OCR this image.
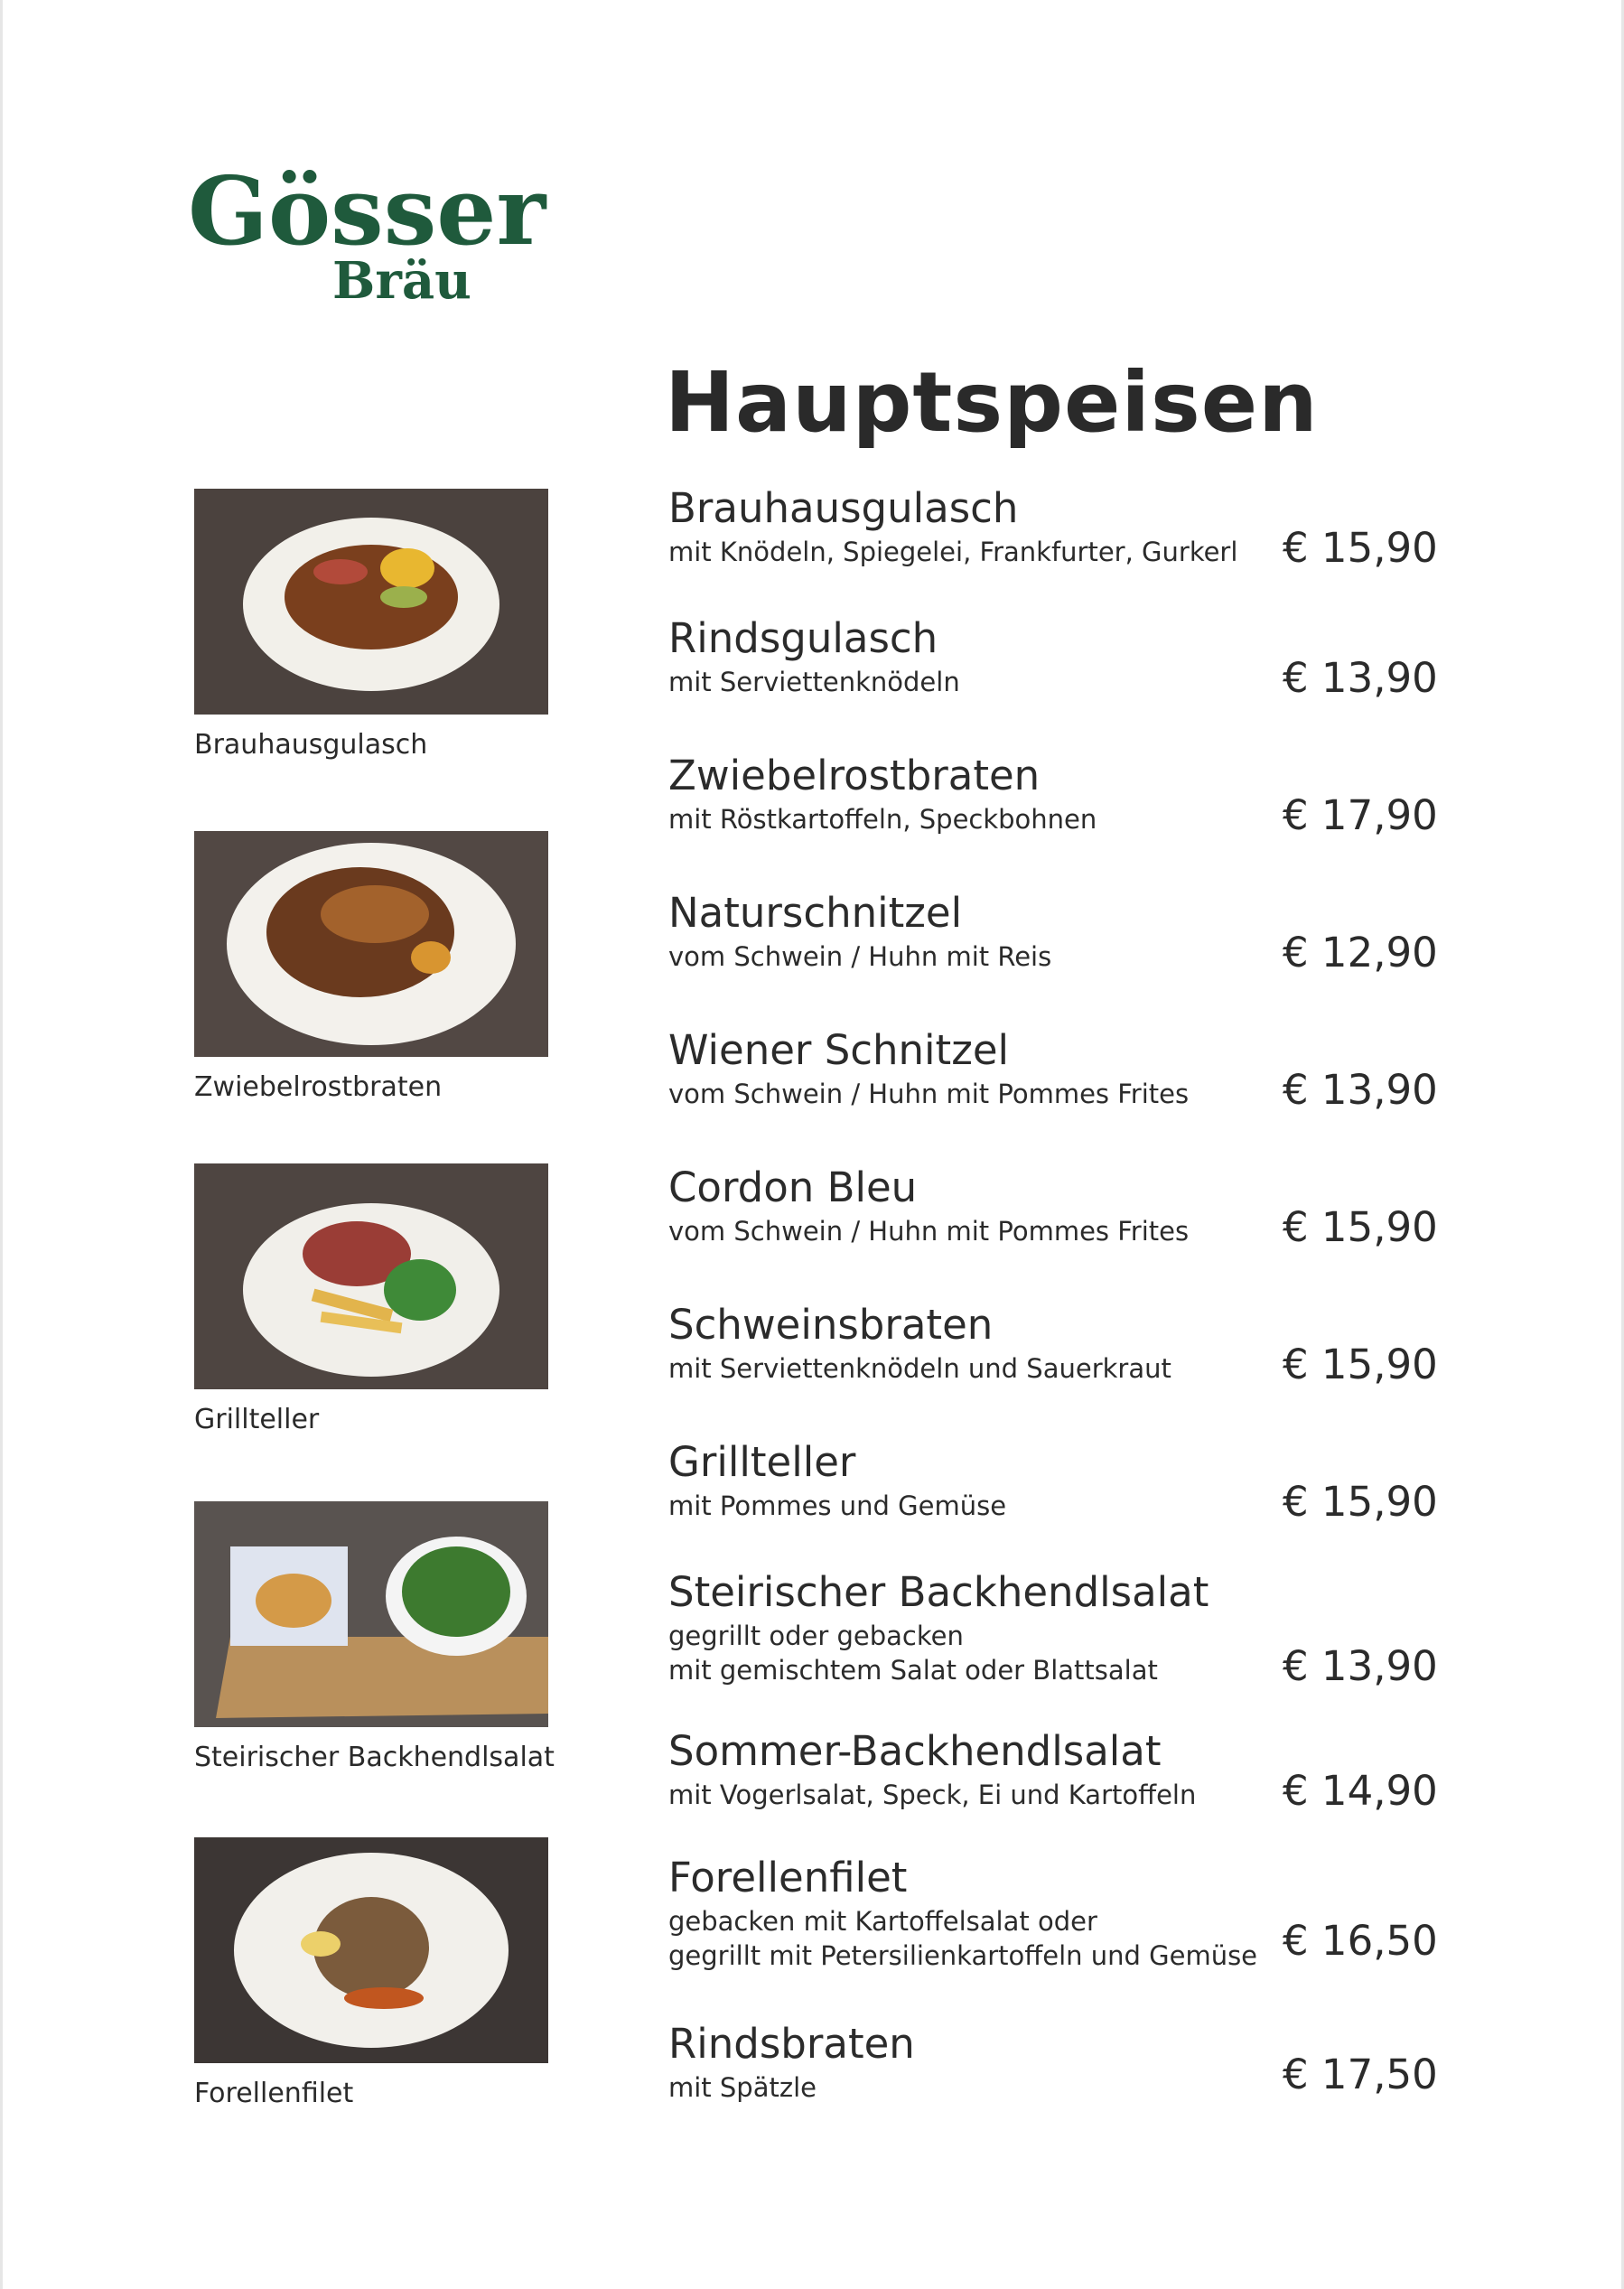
Gösser
Bräu
Hauptspeisen
Brauhausgulasch
Zwiebelrostbraten
Grillteller
Steirischer Backhendlsalat
Forellenfilet
Brauhausgulasch
mit Knödeln, Spiegelei, Frankfurter, Gurkerl	€ 15,90
Rindsgulasch
mit Serviettenknödeln	€ 13,90
Zwiebelrostbraten
mit Röstkartoffeln, Speckbohnen	€ 17,90
Naturschnitzel
vom Schwein / Huhn mit Reis	€ 12,90
Wiener Schnitzel
vom Schwein / Huhn mit Pommes Frites	€ 13,90
Cordon Bleu
vom Schwein / Huhn mit Pommes Frites	€ 15,90
Schweinsbraten
mit Serviettenknödeln und Sauerkraut	€ 15,90
Grillteller
mit Pommes und Gemüse	€ 15,90
Steirischer Backhendlsalat
gegrillt oder gebacken
mit gemischtem Salat oder Blattsalat	€ 13,90
Sommer-Backhendlsalat
mit Vogerlsalat, Speck, Ei und Kartoffeln	€ 14,90
Forellenfilet
gebacken mit Kartoffelsalat oder
gegrillt mit Petersilienkartoffeln und Gemüse € 16,50
Rindsbraten
mit Spätzle	€ 17,50
